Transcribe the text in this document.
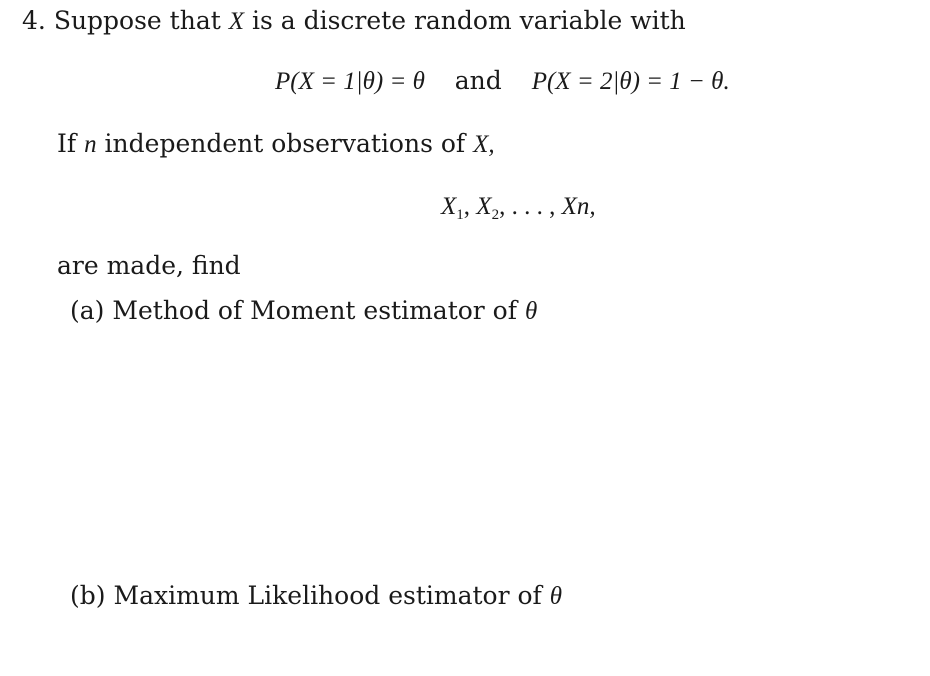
4. Suppose that X is a discrete random variable with
P(X = 1|θ) = θ and P(X = 2|θ) = 1 − θ.
If n independent observations of X,
$X_1$, $X_2$, . . . , Xn,
are made, find
(a) Method of Moment estimator of θ
(b) Maximum Likelihood estimator of θ
